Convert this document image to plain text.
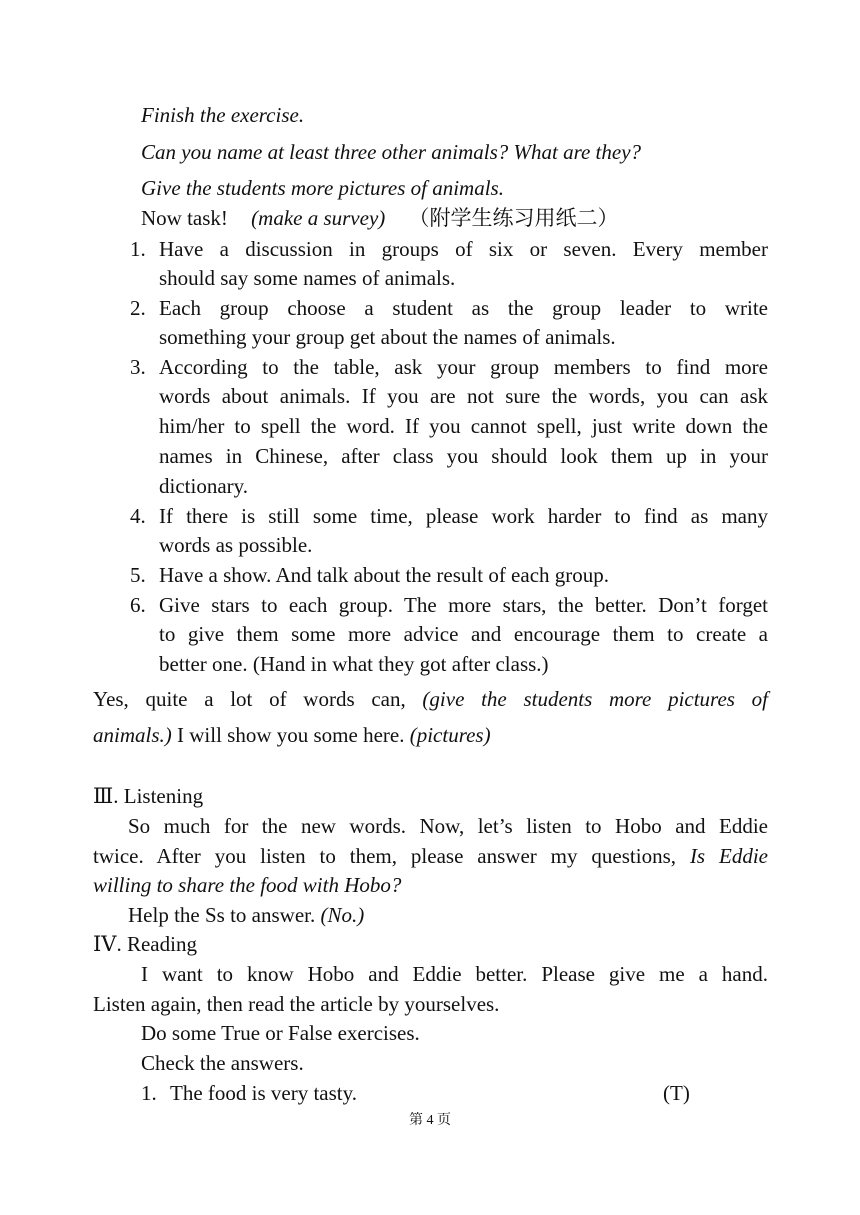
Finish the exercise.
Can you name at least three other animals? What are they?
Give the students more pictures of animals.
Now task! (make a survey) （附学生练习用纸二）
1. Have a discussion in groups of six or seven. Every member
should say some names of animals.
2. Each group choose a student as the group leader to write
something your group get about the names of animals.
3. According to the table, ask your group members to find more
words about animals. If you are not sure the words, you can ask
him/her to spell the word. If you cannot spell, just write down the
names in Chinese, after class you should look them up in your
dictionary.
4. If there is still some time, please work harder to find as many
words as possible.
5. Have a show. And talk about the result of each group.
6. Give stars to each group. The more stars, the better. Don’t forget
to give them some more advice and encourage them to create a
better one. (Hand in what they got after class.)
Yes, quite a lot of words can, (give the students more pictures of
animals.) I will show you some here. (pictures)
Ⅲ. Listening
So much for the new words. Now, let’s listen to Hobo and Eddie
twice. After you listen to them, please answer my questions, Is Eddie
willing to share the food with Hobo?
Help the Ss to answer. (No.)
ⅠⅤ. Reading
I want to know Hobo and Eddie better. Please give me a hand.
Listen again, then read the article by yourselves.
Do some True or False exercises.
Check the answers.
1. The food is very tasty.	(T)
第 4 页
